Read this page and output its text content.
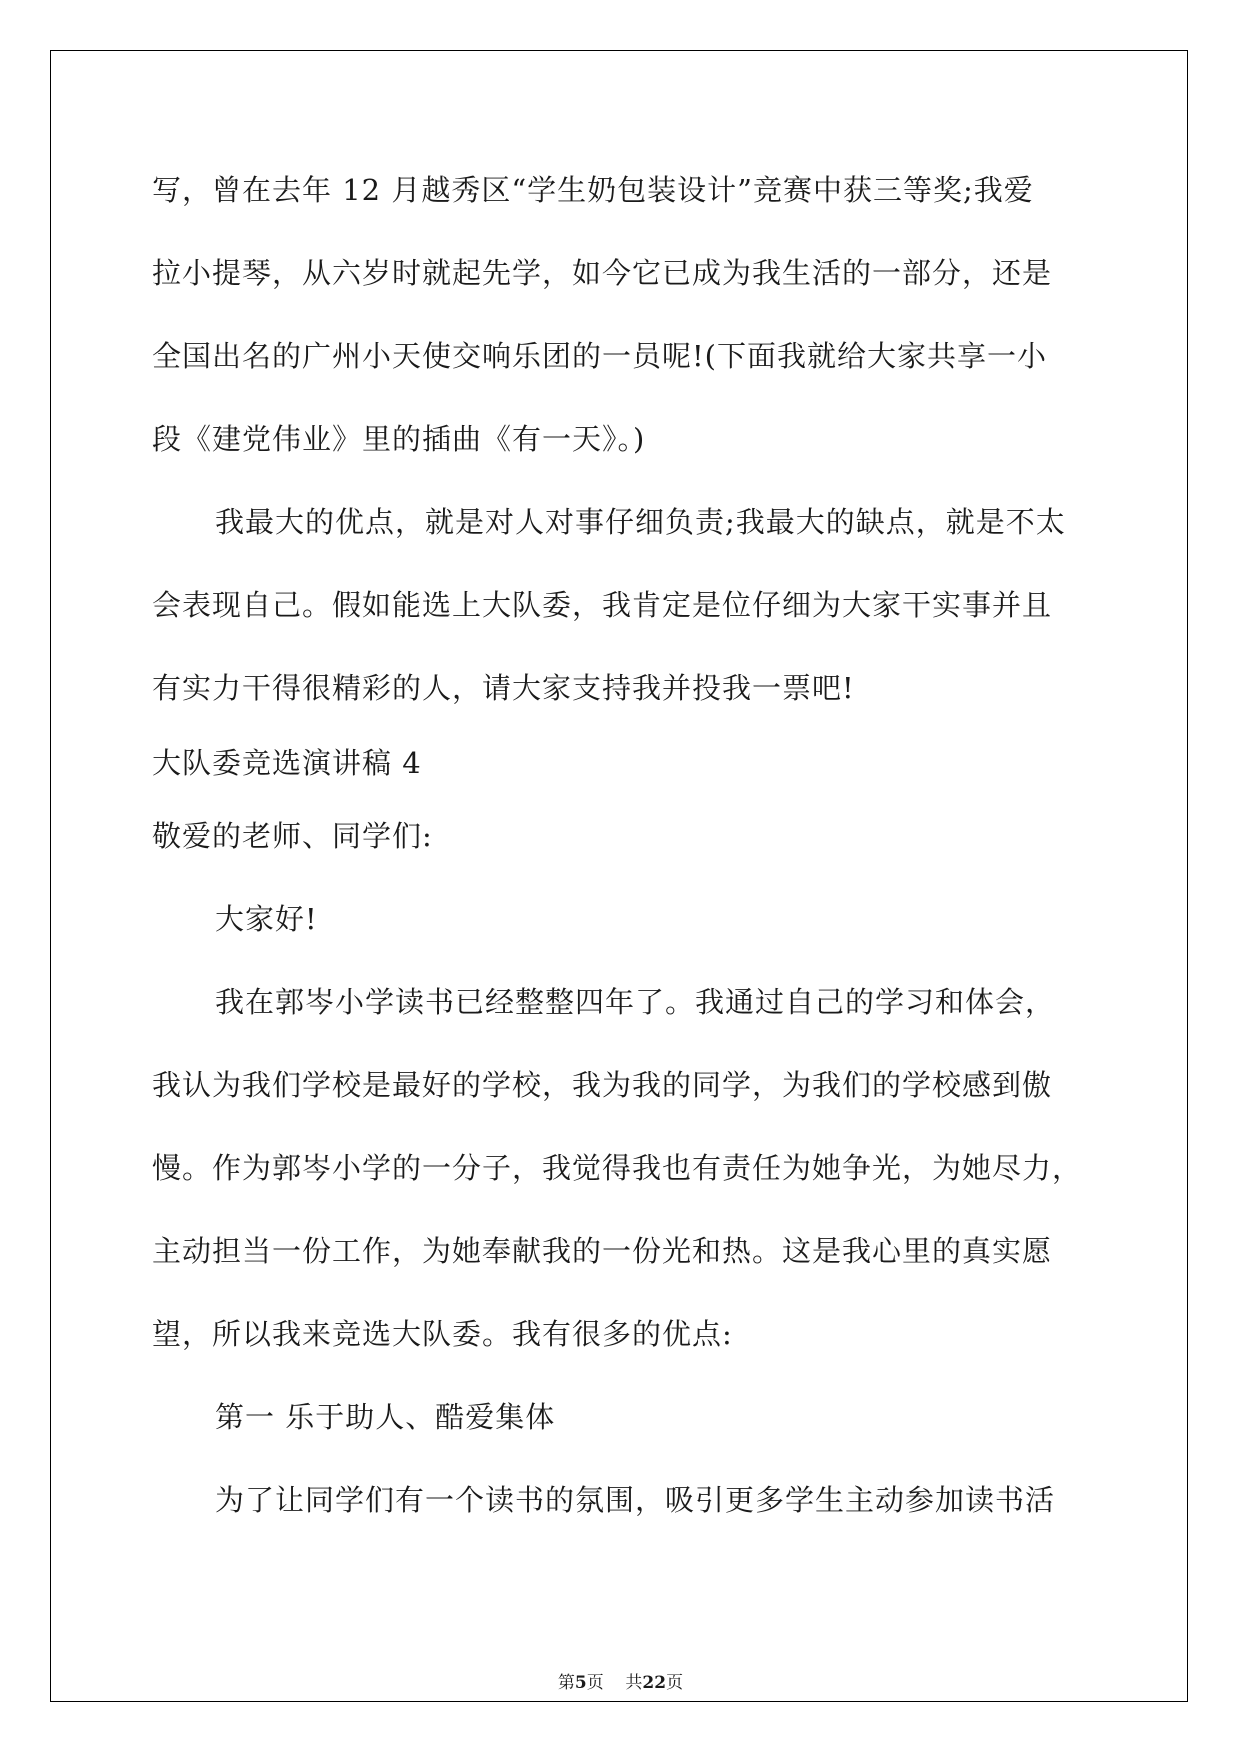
写，曾在去年 12 月越秀区“学生奶包装设计”竞赛中获三等奖;我爱
拉小提琴，从六岁时就起先学，如今它已成为我生活的一部分，还是
全国出名的广州小天使交响乐团的一员呢!(下面我就给大家共享一小
段《建党伟业》里的插曲《有一天》。)
我最大的优点，就是对人对事仔细负责;我最大的缺点，就是不太
会表现自己。假如能选上大队委，我肯定是位仔细为大家干实事并且
有实力干得很精彩的人，请大家支持我并投我一票吧!
大队委竞选演讲稿 4
敬爱的老师、同学们:
大家好!
我在郭岑小学读书已经整整四年了。我通过自己的学习和体会，
我认为我们学校是最好的学校，我为我的同学，为我们的学校感到傲
慢。作为郭岑小学的一分子，我觉得我也有责任为她争光，为她尽力，
主动担当一份工作，为她奉献我的一份光和热。这是我心里的真实愿
望，所以我来竞选大队委。我有很多的优点:
第一 乐于助人、酷爱集体
为了让同学们有一个读书的氛围，吸引更多学生主动参加读书活
第5页    共22页
